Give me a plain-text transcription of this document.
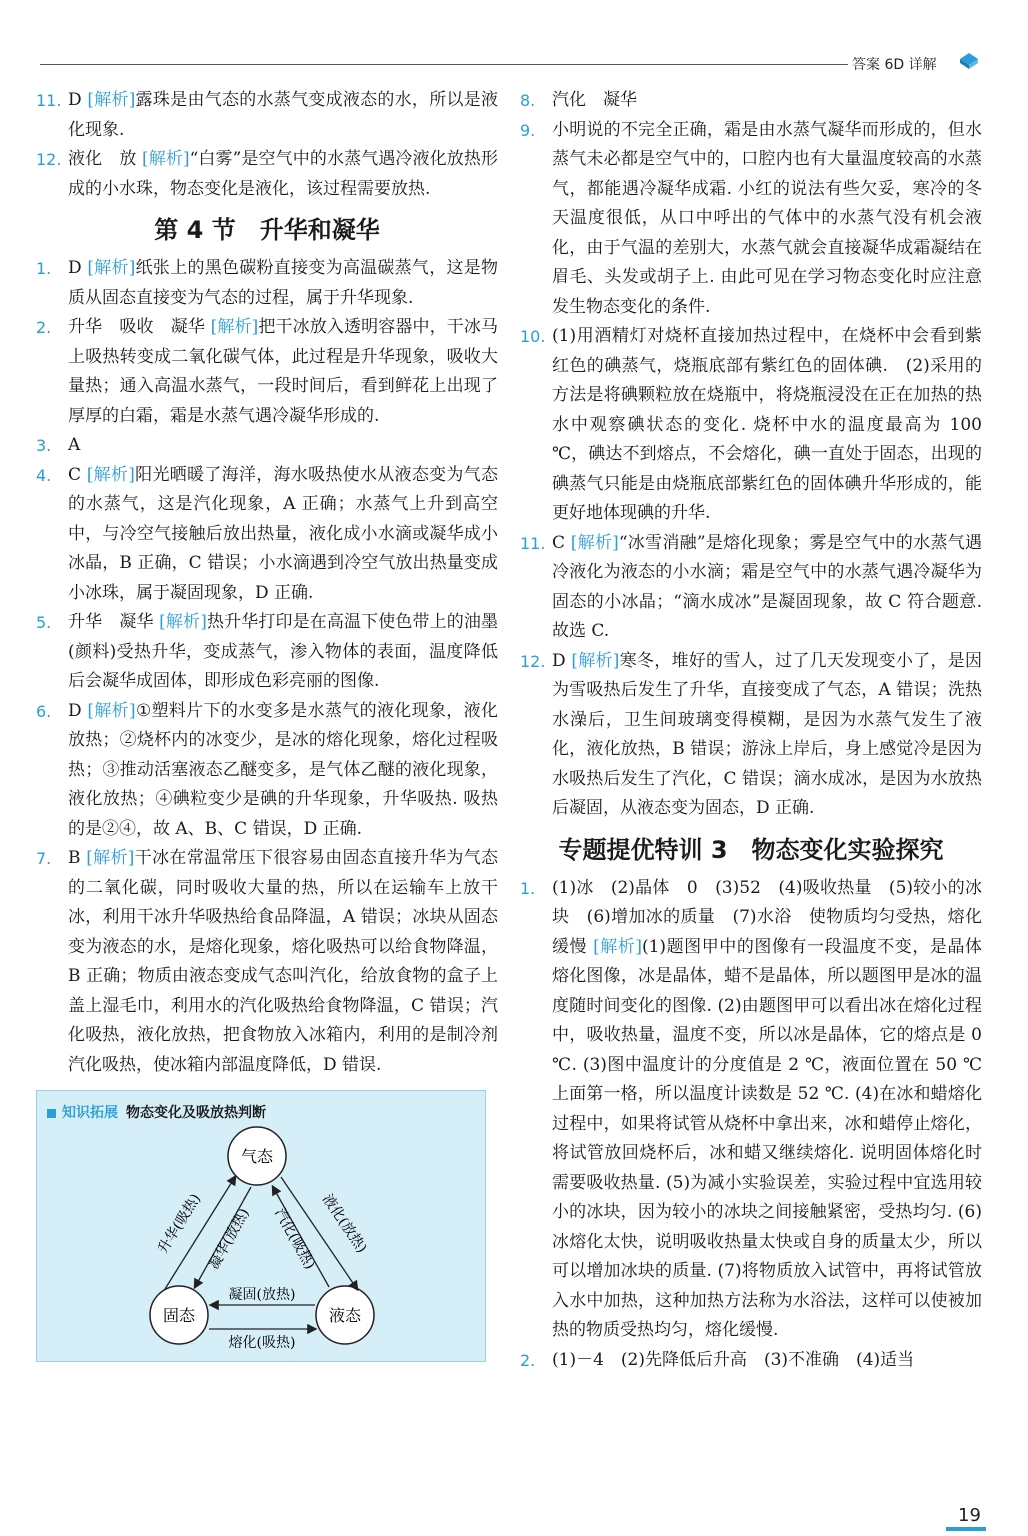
答案 6D 详解

11. D [解析]露珠是由气态的水蒸气变成液态的水，所以是液化现象.

12. 液化　放 [解析]“白雾”是空气中的水蒸气遇冷液化放热形成的小水珠，物态变化是液化，该过程需要放热.

第 4 节　升华和凝华

1. D [解析]纸张上的黑色碳粉直接变为高温碳蒸气，这是物质从固态直接变为气态的过程，属于升华现象.

2. 升华　吸收　凝华 [解析]把干冰放入透明容器中，干冰马上吸热转变成二氧化碳气体，此过程是升华现象，吸收大量热；通入高温水蒸气，一段时间后，看到鲜花上出现了厚厚的白霜，霜是水蒸气遇冷凝华形成的.

3. A

4. C [解析]阳光晒暖了海洋，海水吸热使水从液态变为气态的水蒸气，这是汽化现象，A 正确；水蒸气上升到高空中，与冷空气接触后放出热量，液化成小水滴或凝华成小冰晶，B 正确，C 错误；小水滴遇到冷空气放出热量变成小冰珠，属于凝固现象，D 正确.

5. 升华　凝华 [解析]热升华打印是在高温下使色带上的油墨(颜料)受热升华，变成蒸气，渗入物体的表面，温度降低后会凝华成固体，即形成色彩亮丽的图像.

6. D [解析]①塑料片下的水变多是水蒸气的液化现象，液化放热；②烧杯内的冰变少，是冰的熔化现象，熔化过程吸热；③推动活塞液态乙醚变多，是气体乙醚的液化现象，液化放热；④碘粒变少是碘的升华现象，升华吸热. 吸热的是②④，故 A、B、C 错误，D 正确.

7. B [解析]干冰在常温常压下很容易由固态直接升华为气态的二氧化碳，同时吸收大量的热，所以在运输车上放干冰，利用干冰升华吸热给食品降温，A 错误；冰块从固态变为液态的水，是熔化现象，熔化吸热可以给食物降温，B 正确；物质由液态变成气态叫汽化，给放食物的盒子上盖上湿毛巾，利用水的汽化吸热给食物降温，C 错误；汽化吸热，液化放热，把食物放入冰箱内，利用的是制冷剂汽化吸热，使冰箱内部温度降低，D 错误.

知识拓展 物态变化及吸放热判断
气态
固态	液态
升华(吸热) 凝华(放热) 汽化(吸热) 液化(放热)
凝固(放热)
熔化(吸热)

8. 汽化　凝华

9. 小明说的不完全正确，霜是由水蒸气凝华而形成的，但水蒸气未必都是空气中的，口腔内也有大量温度较高的水蒸气，都能遇冷凝华成霜. 小红的说法有些欠妥，寒冷的冬天温度很低，从口中呼出的气体中的水蒸气没有机会液化，由于气温的差别大，水蒸气就会直接凝华成霜凝结在眉毛、头发或胡子上. 由此可见在学习物态变化时应注意发生物态变化的条件.

10. (1)用酒精灯对烧杯直接加热过程中，在烧杯中会看到紫红色的碘蒸气，烧瓶底部有紫红色的固体碘.　(2)采用的方法是将碘颗粒放在烧瓶中，将烧瓶浸没在正在加热的热水中观察碘状态的变化. 烧杯中水的温度最高为 100 ℃，碘达不到熔点，不会熔化，碘一直处于固态，出现的碘蒸气只能是由烧瓶底部紫红色的固体碘升华形成的，能更好地体现碘的升华.

11. C [解析]“冰雪消融”是熔化现象；雾是空气中的水蒸气遇冷液化为液态的小水滴；霜是空气中的水蒸气遇冷凝华为固态的小冰晶；“滴水成冰”是凝固现象，故 C 符合题意. 故选 C.

12. D [解析]寒冬，堆好的雪人，过了几天发现变小了，是因为雪吸热后发生了升华，直接变成了气态，A 错误；洗热水澡后，卫生间玻璃变得模糊，是因为水蒸气发生了液化，液化放热，B 错误；游泳上岸后，身上感觉冷是因为水吸热后发生了汽化，C 错误；滴水成冰，是因为水放热后凝固，从液态变为固态，D 正确.

专题提优特训 3　物态变化实验探究

1. (1)冰　(2)晶体　0　(3)52　(4)吸收热量　(5)较小的冰块　(6)增加冰的质量　(7)水浴　使物质均匀受热，熔化缓慢 [解析](1)题图甲中的图像有一段温度不变，是晶体熔化图像，冰是晶体，蜡不是晶体，所以题图甲是冰的温度随时间变化的图像. (2)由题图甲可以看出冰在熔化过程中，吸收热量，温度不变，所以冰是晶体，它的熔点是 0 ℃. (3)图中温度计的分度值是 2 ℃，液面位置在 50 ℃上面第一格，所以温度计读数是 52 ℃. (4)在冰和蜡熔化过程中，如果将试管从烧杯中拿出来，冰和蜡停止熔化，将试管放回烧杯后，冰和蜡又继续熔化. 说明固体熔化时需要吸收热量. (5)为减小实验误差，实验过程中宜选用较小的冰块，因为较小的冰块之间接触紧密，受热均匀. (6)冰熔化太快，说明吸收热量太快或自身的质量太少，所以可以增加冰块的质量. (7)将物质放入试管中，再将试管放入水中加热，这种加热方法称为水浴法，这样可以使被加热的物质受热均匀，熔化缓慢.

2. (1)－4　(2)先降低后升高　(3)不准确　(4)适当

19
